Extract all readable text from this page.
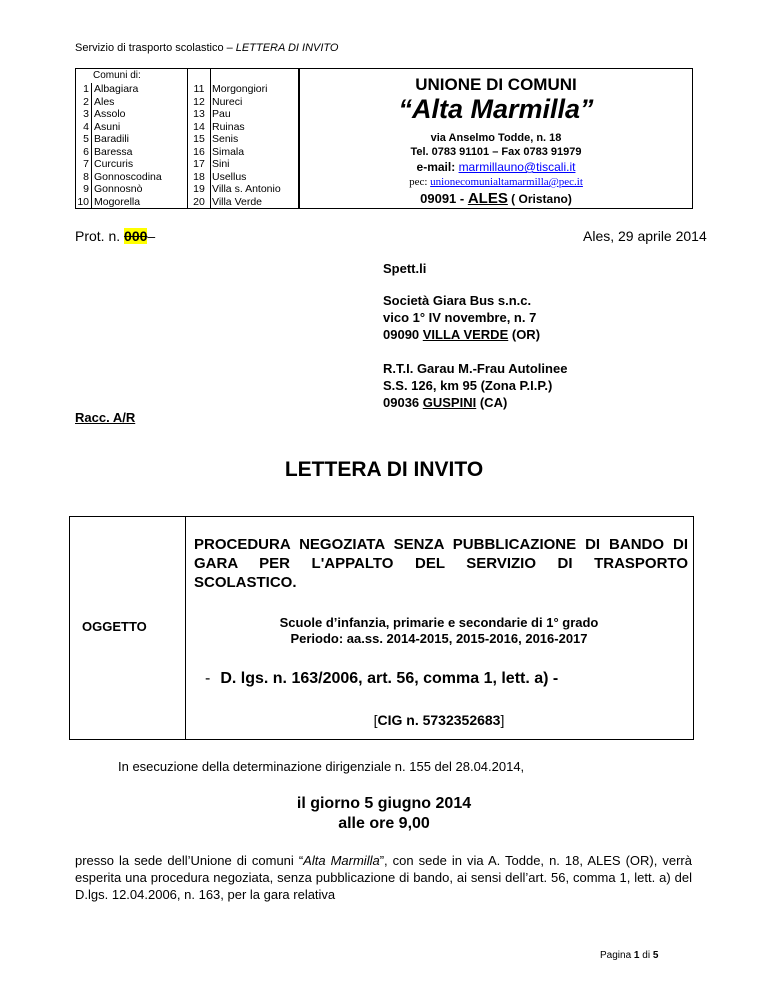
Servizio di trasporto scolastico – LETTERA DI INVITO
Comuni di:
1
2
3
4
5
6
7
8
9
10
Albagiara
Ales
Assolo
Asuni
Baradili
Baressa
Curcuris
Gonnoscodina
Gonnosnò
Mogorella
11
12
13
14
15
16
17
18
19
20
Morgongiori
Nureci
Pau
Ruinas
Senis
Simala
Sini
Usellus
Villa s. Antonio
Villa Verde
UNIONE DI COMUNI
“Alta Marmilla”
via Anselmo Todde, n. 18
Tel. 0783 91101 – Fax 0783 91979
e-mail: marmillauno@tiscali.it
pec: unionecomunialtamarmilla@pec.it
09091 - ALES ( Oristano)
Prot. n. 000–	Ales, 29 aprile 2014
Spett.li
Società Giara Bus s.n.c.
vico 1° IV novembre, n. 7
09090 VILLA VERDE (OR)
R.T.I. Garau M.-Frau Autolinee
S.S. 126, km 95 (Zona P.I.P.)
09036 GUSPINI (CA)
Racc. A/R
LETTERA DI INVITO
OGGETTO
PROCEDURA NEGOZIATA SENZA PUBBLICAZIONE DI BANDO DI GARA PER L'APPALTO DEL SERVIZIO DI TRASPORTO SCOLASTICO.
Scuole d’infanzia, primarie e secondarie di 1° grado
Periodo: aa.ss. 2014-2015, 2015-2016, 2016-2017
- D. lgs. n. 163/2006, art. 56, comma 1, lett. a) -
[CIG n. 5732352683]
In esecuzione della determinazione dirigenziale n. 155 del 28.04.2014,
il giorno 5 giugno 2014
alle ore 9,00
presso la sede dell’Unione di comuni “Alta Marmilla”, con sede in via A. Todde, n. 18, ALES (OR), verrà esperita una procedura negoziata, senza pubblicazione di bando, ai sensi dell’art. 56, comma 1, lett. a) del D.lgs. 12.04.2006, n. 163, per la gara relativa
Pagina 1 di 5
